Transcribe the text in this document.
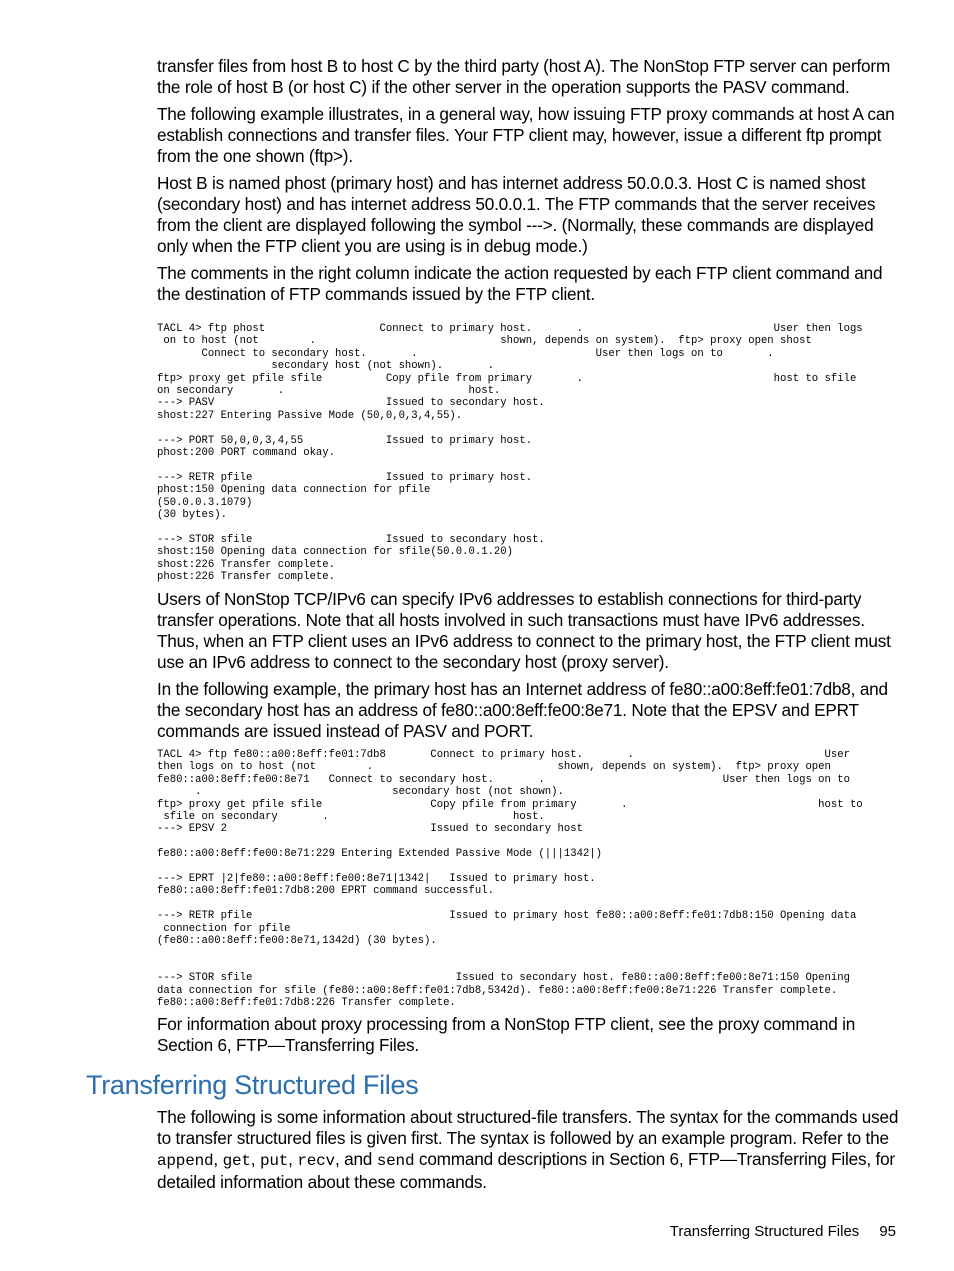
transfer files from host B to host C by the third party (host A). The NonStop FTP server can perform the role of host B (or host C) if the other server in the operation supports the PASV command.

The following example illustrates, in a general way, how issuing FTP proxy commands at host A can establish connections and transfer files. Your FTP client may, however, issue a different ftp prompt from the one shown (ftp>).

Host B is named phost (primary host) and has internet address 50.0.0.3. Host C is named shost (secondary host) and has internet address 50.0.0.1. The FTP commands that the server receives from the client are displayed following the symbol --->. (Normally, these commands are displayed only when the FTP client you are using is in debug mode.)

The comments in the right column indicate the action requested by each FTP client command and the destination of FTP commands issued by the FTP client.

TACL 4> ftp phost                  Connect to primary host.       .                              User then logs
on to host (not        .                             shown, depends on system).  ftp> proxy open shost
Connect to secondary host.       .                            User then logs on to       .
secondary host (not shown).       .
ftp> proxy get pfile sfile          Copy pfile from primary       .                              host to sfile
on secondary       .                             host.
---> PASV                           Issued to secondary host.
shost:227 Entering Passive Mode (50,0,0,3,4,55).

---> PORT 50,0,0,3,4,55             Issued to primary host.
phost:200 PORT command okay.

---> RETR pfile                     Issued to primary host.
phost:150 Opening data connection for pfile
(50.0.0.3.1079)
(30 bytes).

---> STOR sfile                     Issued to secondary host.
shost:150 Opening data connection for sfile(50.0.0.1.20)
shost:226 Transfer complete.
phost:226 Transfer complete.

Users of NonStop TCP/IPv6 can specify IPv6 addresses to establish connections for third-party transfer operations. Note that all hosts involved in such transactions must have IPv6 addresses. Thus, when an FTP client uses an IPv6 address to connect to the primary host, the FTP client must use an IPv6 address to connect to the secondary host (proxy server).

In the following example, the primary host has an Internet address of fe80::a00:8eff:fe01:7db8, and the secondary host has an address of fe80::a00:8eff:fe00:8e71. Note that the EPSV and EPRT commands are issued instead of PASV and PORT.

TACL 4> ftp fe80::a00:8eff:fe01:7db8       Connect to primary host.       .                              User
then logs on to host (not        .                             shown, depends on system).  ftp> proxy open
fe80::a00:8eff:fe00:8e71   Connect to secondary host.       .                            User then logs on to
.                              secondary host (not shown).
ftp> proxy get pfile sfile                 Copy pfile from primary       .                              host to
sfile on secondary       .                             host.
---> EPSV 2                                Issued to secondary host

fe80::a00:8eff:fe00:8e71:229 Entering Extended Passive Mode (|||1342|)

---> EPRT |2|fe80::a00:8eff:fe00:8e71|1342|   Issued to primary host.
fe80::a00:8eff:fe01:7db8:200 EPRT command successful.

---> RETR pfile                               Issued to primary host fe80::a00:8eff:fe01:7db8:150 Opening data
connection for pfile
(fe80::a00:8eff:fe00:8e71,1342d) (30 bytes).

---> STOR sfile                                Issued to secondary host. fe80::a00:8eff:fe00:8e71:150 Opening
data connection for sfile (fe80::a00:8eff:fe01:7db8,5342d). fe80::a00:8eff:fe00:8e71:226 Transfer complete.
fe80::a00:8eff:fe01:7db8:226 Transfer complete.

For information about proxy processing from a NonStop FTP client, see the proxy command in Section 6, FTP—Transferring Files.

Transferring Structured Files

The following is some information about structured-file transfers. The syntax for the commands used to transfer structured files is given first. The syntax is followed by an example program. Refer to the append, get, put, recv, and send command descriptions in Section 6, FTP—Transferring Files, for detailed information about these commands.

Transferring Structured Files 95
